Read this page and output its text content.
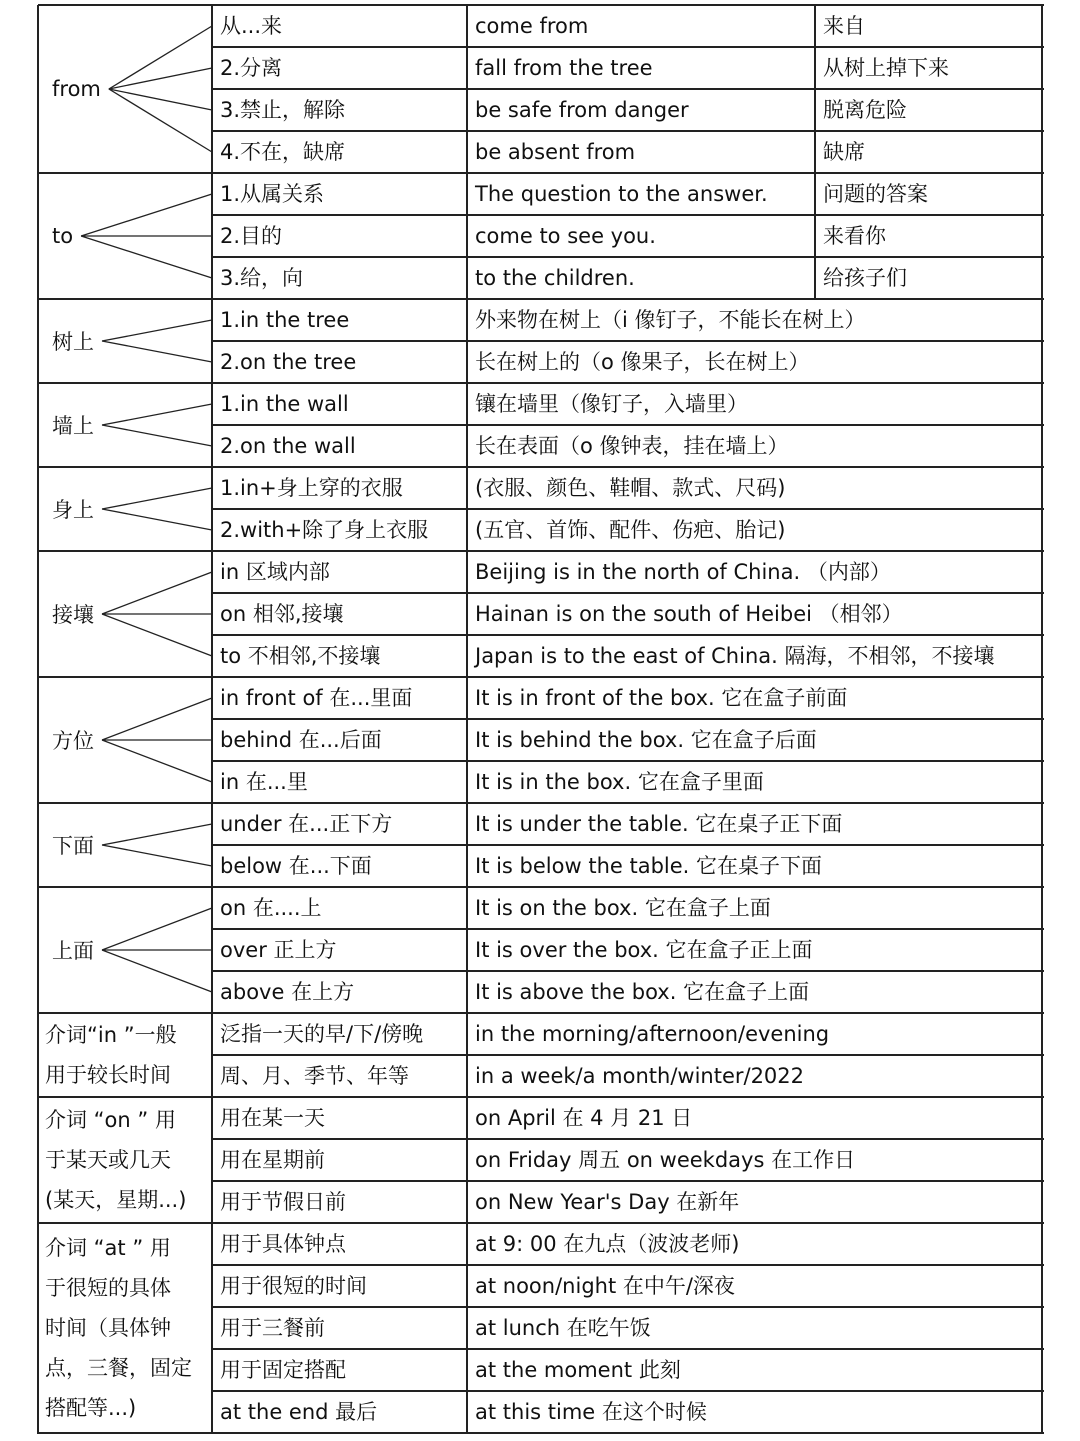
从...来	come from	来自
2.分离	fall from the tree	从树上掉下来
3.禁止，解除	be safe from danger	脱离危险
4.不在，缺席	be absent from	缺席
from
1.从属关系	The question to the answer.	问题的答案
2.目的	come to see you.	来看你
3.给，向	to the children.	给孩子们
to
1.in the tree	外来物在树上（i 像钉子，不能长在树上）
2.on the tree	长在树上的（o 像果子，长在树上）
树上
1.in the wall	镶在墙里（像钉子，入墙里）
2.on the wall	长在表面（o 像钟表，挂在墙上）
墙上
1.in+身上穿的衣服	(衣服、颜色、鞋帽、款式、尺码)
2.with+除了身上衣服 (五官、首饰、配件、伤疤、胎记)
身上
in 区域内部	Beijing is in the north of China. （内部）
on 相邻,接壤	Hainan is on the south of Heibei （相邻）
to 不相邻,不接壤	Japan is to the east of China. 隔海，不相邻，不接壤
接壤
in front of 在...里面	It is in front of the box. 它在盒子前面
behind 在...后面	It is behind the box. 它在盒子后面
in 在...里	It is in the box. 它在盒子里面
方位
under 在...正下方	It is under the table. 它在桌子正下面
below 在...下面	It is below the table. 它在桌子下面
下面
on 在....上	It is on the box. 它在盒子上面
over 正上方	It is over the box. 它在盒子正上面
above 在上方	It is above the box. 它在盒子上面
上面
泛指一天的早/下/傍晚 in the morning/afternoon/evening
周、月、季节、年等	in a week/a month/winter/2022
介词“in ”一般
用于较长时间
用在某一天	on April 在 4 月 21 日
用在星期前	on Friday 周五 on weekdays 在工作日
用于节假日前	on New Year's Day 在新年
介词 “on ” 用
于某天或几天
(某天，星期...)
用于具体钟点	at 9: 00 在九点（波波老师)
用于很短的时间	at noon/night 在中午/深夜
用于三餐前	at lunch 在吃午饭
用于固定搭配	at the moment 此刻
at the end 最后	at this time 在这个时候
介词 “at ” 用
于很短的具体
时间（具体钟
点，三餐，固定
搭配等...)
